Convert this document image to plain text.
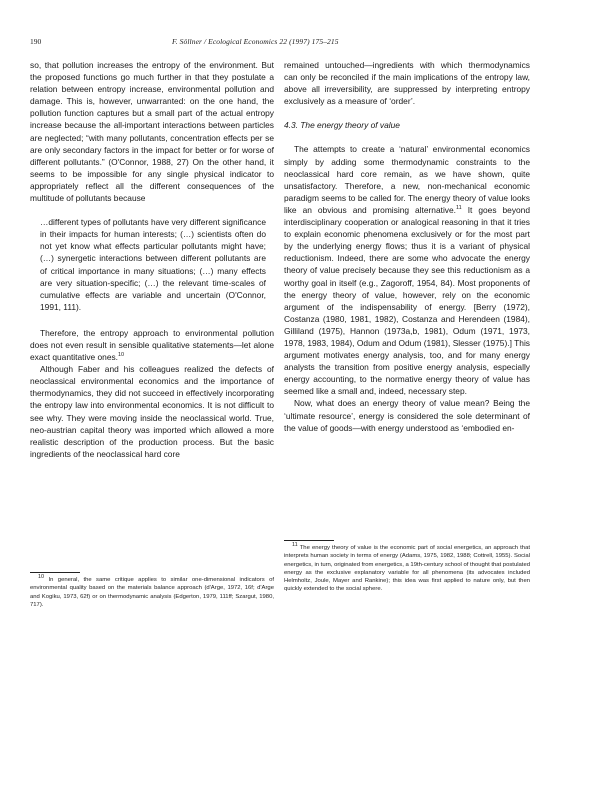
190	F. Söllner / Ecological Economics 22 (1997) 175–215

so, that pollution increases the entropy of the environment. But the proposed functions go much further in that they postulate a relation between entropy increase, environmental pollution and damage. This is, however, unwarranted: on the one hand, the pollution function captures but a small part of the actual entropy increase because the all-important interactions between particles are neglected; “with many pollutants, concentration effects per se are only secondary factors in the impact for better or for worse of different pollutants.” (O'Connor, 1988, 27) On the other hand, it seems to be impossible for any single physical indicator to appropriately reflect all the different consequences of the multitude of pollutants because

…different types of pollutants have very different significance in their impacts for human interests; (…) scientists often do not yet know what effects particular pollutants might have; (…) synergetic interactions between different pollutants are of critical importance in many situations; (…) many effects are very situation-specific; (…) the relevant time-scales of cumulative effects are variable and uncertain (O'Connor, 1991, 111).

Therefore, the entropy approach to environmental pollution does not even result in sensible qualitative statements—let alone exact quantitative ones.$^{10}$

Although Faber and his colleagues realized the defects of neoclassical environmental economics and the importance of thermodynamics, they did not succeed in effectively incorporating the entropy law into environmental economics. It is not difficult to see why. They were moving inside the neoclassical world. True, neo-austrian capital theory was imported which allowed a more realistic description of the production process. But the basic ingredients of the neoclassical hard core

remained untouched—ingredients with which thermodynamics can only be reconciled if the main implications of the entropy law, above all irreversibility, are suppressed by interpreting entropy exclusively as a measure of ‘order’.

4.3. The energy theory of value

The attempts to create a ‘natural’ environmental economics simply by adding some thermodynamic constraints to the neoclassical hard core remain, as we have shown, quite unsatisfactory. Therefore, a new, non-mechanical economic paradigm seems to be called for. The energy theory of value looks like an obvious and promising alternative.$^{11}$ It goes beyond interdisciplinary cooperation or analogical reasoning in that it tries to explain economic phenomena exclusively or for the most part by the underlying energy flows; thus it is a variant of physical reductionism. Indeed, there are some who advocate the energy theory of value precisely because they see this reductionism as a worthy goal in itself (e.g., Zagoroff, 1954, 84). Most proponents of the energy theory of value, however, rely on the economic argument of the indispensability of energy. [Berry (1972), Costanza (1980, 1981, 1982), Costanza and Herendeen (1984), Gilliland (1975), Hannon (1973a,b, 1981), Odum (1971, 1973, 1978, 1983, 1984), Odum and Odum (1981), Slesser (1975).] This argument motivates energy analysis, too, and for many energy analysts the transition from positive energy analysis, especially energy accounting, to the normative energy theory of value has seemed like a small and, indeed, necessary step.

Now, what does an energy theory of value mean? Being the ‘ultimate resource’, energy is considered the sole determinant of the value of goods—with energy understood as ‘embodied en-

$^{10}$ In general, the same critique applies to similar one-dimensional indicators of environmental quality based on the materials balance approach (d'Arge, 1972, 16f; d'Arge and Kogiku, 1973, 62f) or on thermodynamic analysis (Edgerton, 1979, 111ff; Szargut, 1980, 717).

$^{11}$ The energy theory of value is the economic part of social energetics, an approach that interprets human society in terms of energy (Adams, 1975, 1982, 1988; Cottrell, 1955). Social energetics, in turn, originated from energetics, a 19th-century school of thought that postulated energy as the exclusive explanatory variable for all phenomena (its advocates included Helmholtz, Joule, Mayer and Rankine); this idea was first applied to nature only, but then quickly extended to the social sphere.
